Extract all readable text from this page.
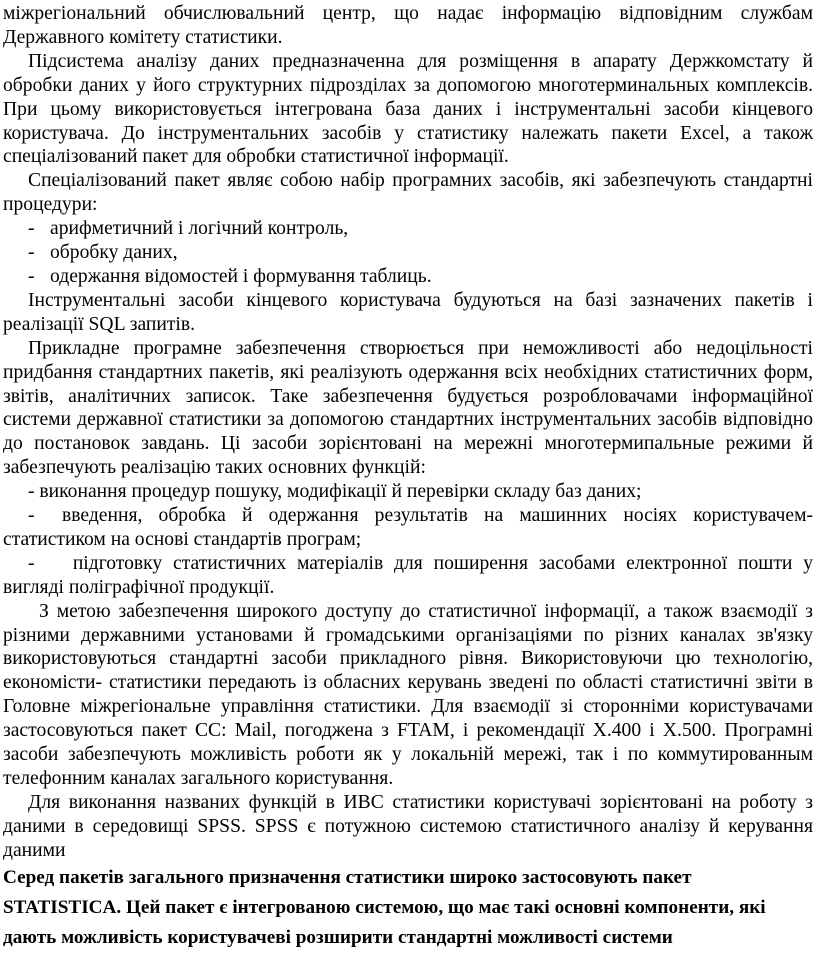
міжрегіональний обчислювальний центр, що надає інформацію відповідним службам Державного комітету статистики.

Підсистема аналізу даних предназначенна для розміщення в апарату Держкомстату й обробки даних у його структурних підрозділах за допомогою многотерминальных комплексів. При цьому використовується інтегрована база даних і інструментальні засоби кінцевого користувача. До інструментальних засобів у статистику належать пакети Excel, а також спеціалізований пакет для обробки статистичної інформації.

Спеціалізований пакет являє собою набір програмних засобів, які забезпечують стандартні процедури:

- арифметичний і логічний контроль,

- обробку даних,

- одержання відомостей і формування таблиць.

Інструментальні засоби кінцевого користувача будуються на базі зазначених пакетів і реалізації SQL запитів.

Прикладне програмне забезпечення створюється при неможливості або недоцільності придбання стандартних пакетів, які реалізують одержання всіх необхідних статистичних форм, звітів, аналітичних записок. Таке забезпечення будується розробловачами інформаційної системи державної статистики за допомогою стандартних інструментальних засобів відповідно до постановок завдань. Ці засоби зорієнтовані на мережні многотермипальные режими й забезпечують реалізацію таких основних функцій:

- виконання процедур пошуку, модифікації й перевірки складу баз даних;

- введення, обробка й одержання результатів на машинних носіях користувачем-статистиком на основі стандартів програм;

- підготовку статистичних матеріалів для поширення засобами електронної пошти у вигляді поліграфічної продукції.

З метою забезпечення широкого доступу до статистичної інформації, а також взаємодії з різними державними установами й громадськими організаціями по різних каналах зв'язку використовуються стандартні засоби прикладного рівня. Використовуючи цю технологію, економісти- статистики передають із обласних керувань зведені по області статистичні звіти в Головне міжрегіональне управління статистики. Для взаємодії зі сторонніми користувачами застосовуються пакет СС: Mail, погоджена з FTAM, і рекомендації Х.400 і Х.500. Програмні засоби забезпечують можливість роботи як у локальній мережі, так і по коммутированным телефонним каналах загального користування.

Для виконання названих функцій в ИВС статистики користувачі зорієнтовані на роботу з даними в середовищі SPSS. SPSS є потужною системою статистичного аналізу й керування даними

Серед пакетів загального призначення статистики широко застосовують пакет STATISTICA. Цей пакет є інтегрованою системою, що має такі основні компоненти, які дають можливість користувачеві розширити стандартні можливості системи
